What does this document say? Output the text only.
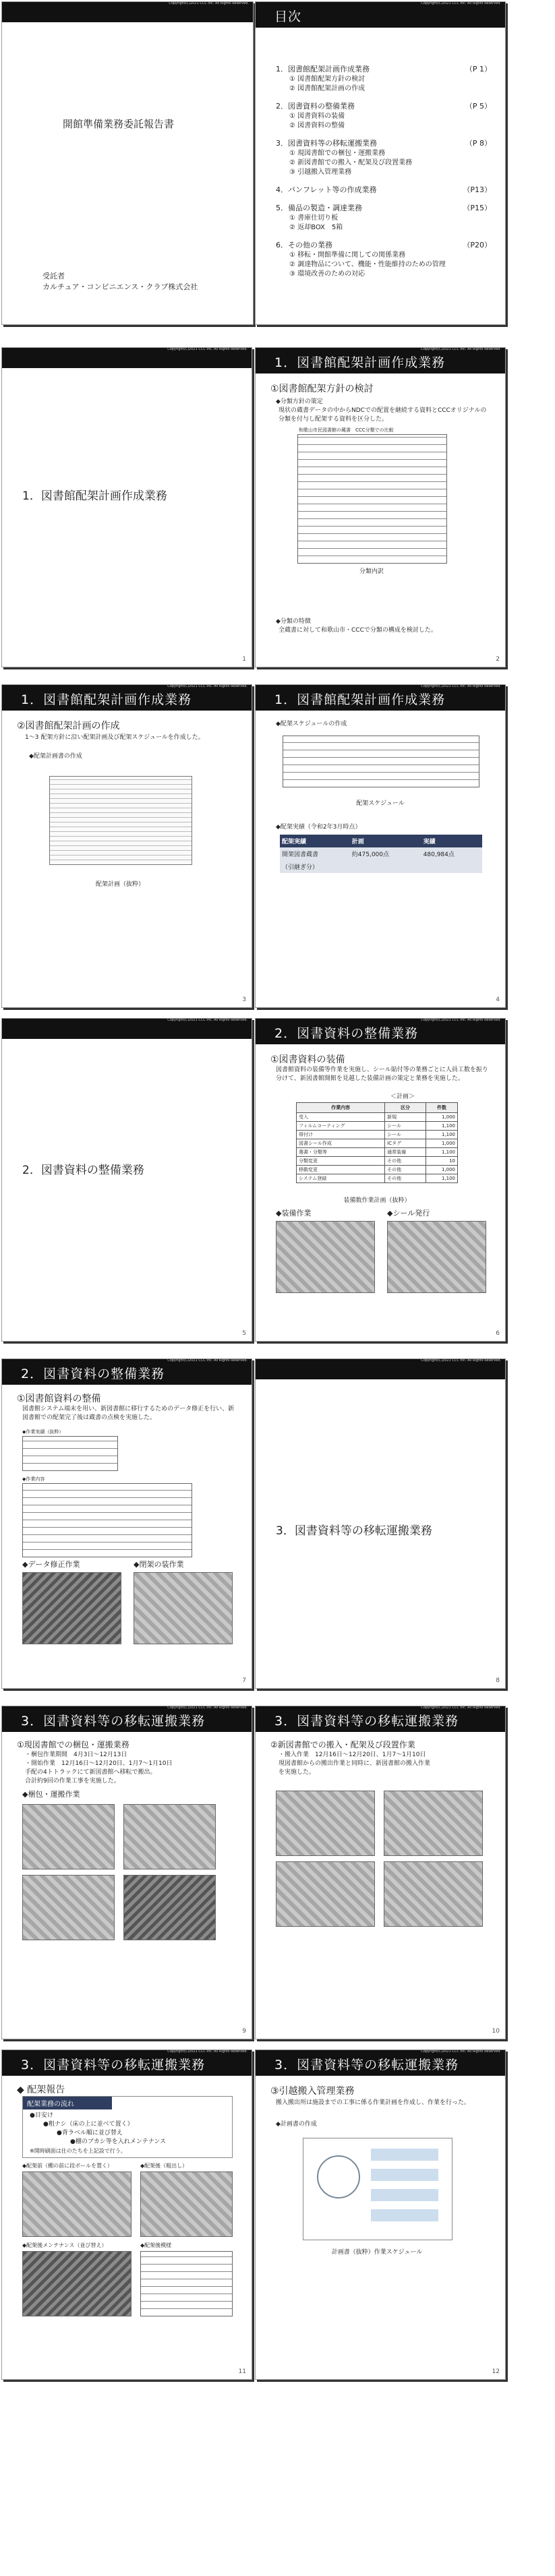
Copyright(C)2021 CCC Inc. All Rights Reserved.
開館準備業務委託報告書
受託者
カルチュア・コンビニエンス・クラブ株式会社
目次
Copyright(C)2021 CCC Inc. All Rights Reserved.
1．図書館配架計画作成業務	（P 1）
① 図書館配架方針の検討
② 図書館配架計画の作成
2．図書資料の整備業務	（P 5）
① 図書資料の装備
② 図書資料の整備
3．図書資料等の移転運搬業務	（P 8）
① 現図書館での梱包・運搬業務
② 新図書館での搬入・配架及び段置業務
③ 引越搬入管理業務
4．パンフレット等の作成業務	（P13）
5．備品の製造・調達業務	（P15）
① 書庫仕切り板
② 返却BOX　5箱
6．その他の業務	（P20）
① 移転・開館準備に関しての関係業務
② 調達物品について、機能・性能維持のための管理
③ 環境改善のための対応
Copyright(C)2021 CCC Inc. All Rights Reserved.
1．図書館配架計画作成業務
1
1．図書館配架計画作成業務
Copyright(C)2021 CCC Inc. All Rights Reserved.
①図書館配架方針の検討
◆分類方針の策定
現状の蔵書データの中からNDCでの配置を継続する資料とCCCオリジナルの分類を付与し配架する資料を区分した。
和歌山市民図書館の蔵書　CCC分類での比較
分類内訳
◆分類の特徴
全蔵書に対して和歌山市・CCCで分類の構成を検討した。
2
1．図書館配架計画作成業務
Copyright(C)2021 CCC Inc. All Rights Reserved.
②図書館配架計画の作成
1～3 配架方針に沿い配架計画及び配架スケジュールを作成した。
◆配架計画書の作成
配架計画（抜粋）
3
1．図書館配架計画作成業務
Copyright(C)2021 CCC Inc. All Rights Reserved.
◆配架スケジュールの作成
配架スケジュール
◆配架実績（令和2年3月時点）
配架実績	計画	実績
開架図書蔵書	約475,000点	480,984点
（引継ぎ分）		
4
Copyright(C)2021 CCC Inc. All Rights Reserved.
2．図書資料の整備業務
5
2．図書資料の整備業務
Copyright(C)2021 CCC Inc. All Rights Reserved.
①図書資料の装備
図書館資料の装備等作業を実施し、シール貼付等の業務ごとに人員工数を振り分けて、新図書館開館を見越した装備計画の策定と業務を実施した。
＜計画＞
作業内容	区分	件数
受入	新規	1,000
フィルムコーティング	シール	1,100
帯付け	シール	1,100
図書シール作成	ICタグ	1,000
選書・分類等	通常装備	1,100
分類変更	その他	10
移動変更	その他	1,000
システム登録	その他	1,100
装備数作業計画（抜粋）
◆装備作業	◆シール発行
6
2．図書資料の整備業務
Copyright(C)2021 CCC Inc. All Rights Reserved.
①図書館資料の整備
図書館システム端末を用い、新図書館に移行するためのデータ修正を行い、新図書館での配架完了後は蔵書の点検を実施した。
◆作業実績（抜粋）
◆作業内容
◆データ修正作業	◆閉架の装作業
7
Copyright(C)2021 CCC Inc. All Rights Reserved.
3．図書資料等の移転運搬業務
8
3．図書資料等の移転運搬業務
Copyright(C)2021 CCC Inc. All Rights Reserved.
①現図書館での梱包・運搬業務
・梱包作業期間　4月3日～12月13日
・開始作業　12月16日～12月20日、1月7～1月10日
手配の4トトラックにて新図書館へ移転で搬出。
合計約9回の作業工事を実施した。
◆梱包・運搬作業
9
3．図書資料等の移転運搬業務
Copyright(C)2021 CCC Inc. All Rights Reserved.
②新図書館での搬入・配架及び段置作業
・搬入作業　12月16日～12月20日、1月7～1月10日
現図書館からの搬出作業と同時に、新図書館の搬入作業
を実施した。
10
3．図書資料等の移転運搬業務
Copyright(C)2021 CCC Inc. All Rights Reserved.
◆ 配架報告
配架業務の流れ
●目安け
●粗ナシ（床の上に並べて置く）
●背ラベル順に並び替え
●棚のブカシ等を入れメンテナンス
※開時刷面は仕のたちを上記設で行う。
◆配架前（棚の前に段ボールを置く）	◆配架後（粗出し）
◆配架後メンテナンス（並び替え）	◆配架後模様
11
3．図書資料等の移転運搬業務
Copyright(C)2021 CCC Inc. All Rights Reserved.
③引越搬入管理業務
搬入搬出所は施設までの工事に係る作業計画を作成し、作業を行った。
◆計画書の作成
計画書（抜粋）作業スケジュール
12
